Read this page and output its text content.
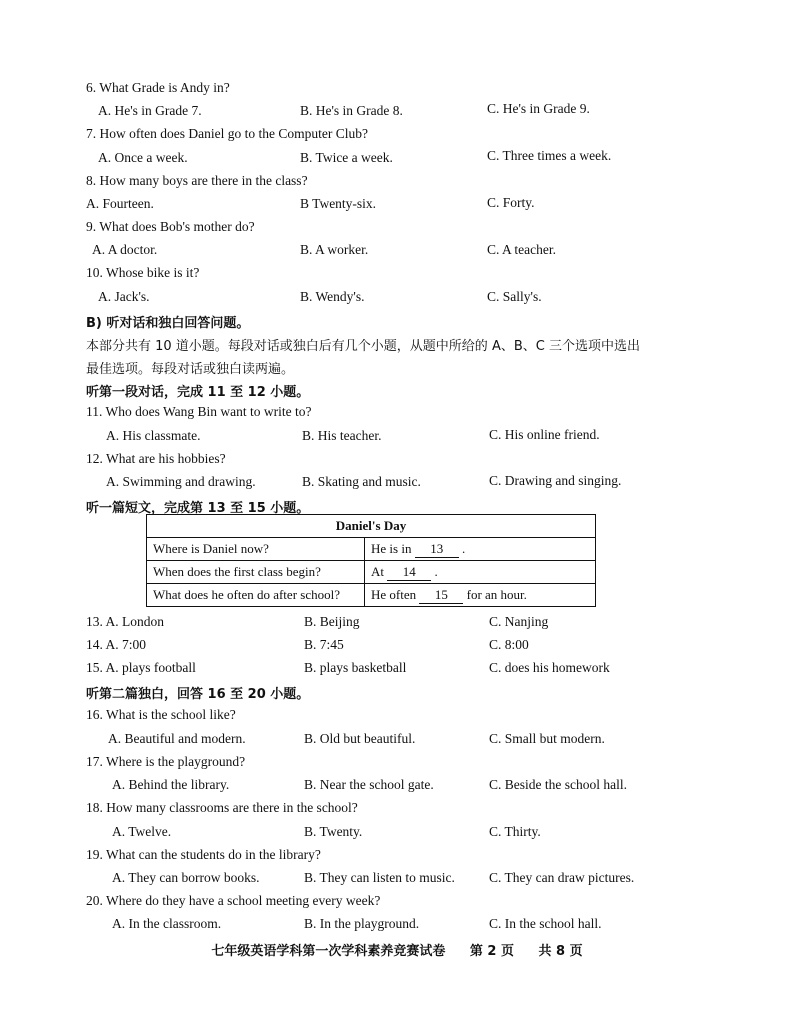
6. What Grade is Andy in?
A. He's in Grade 7.	B. He's in Grade 8.	C. He's in Grade 9.
7. How often does Daniel go to the Computer Club?
A. Once a week.	B. Twice a week.	C. Three times a week.
8. How many boys are there in the class?
A. Fourteen.	B Twenty-six.	C. Forty.
9. What does Bob's mother do?
A. A doctor.	B. A worker.	C. A teacher.
10. Whose bike is it?
A. Jack's.	B. Wendy's.	C. Sally's.
B) 听对话和独白回答问题。
本部分共有 10 道小题。每段对话或独白后有几个小题，从题中所给的 A、B、C 三个选项中选出
最佳选项。每段对话或独白读两遍。
听第一段对话，完成 11 至 12 小题。
11. Who does Wang Bin want to write to?
A. His classmate.	B. His teacher.	C. His online friend.
12. What are his hobbies?
A. Swimming and drawing.	B. Skating and music.	C. Drawing and singing.
听一篇短文，完成第 13 至 15 小题。
Daniel's Day	
Where is Daniel now?	He is in 13 .
When does the first class begin?	At 14 .
What does he often do after school?	He often 15 for an hour.
13. A. London	B. Beijing	C. Nanjing
14. A. 7:00	B. 7:45	C. 8:00
15. A. plays football	B. plays basketball	C. does his homework
听第二篇独白，回答 16 至 20 小题。
16. What is the school like?
A. Beautiful and modern.	B. Old but beautiful.	C. Small but modern.
17. Where is the playground?
A. Behind the library.	B. Near the school gate.	C. Beside the school hall.
18. How many classrooms are there in the school?
A. Twelve.	B. Twenty.	C. Thirty.
19. What can the students do in the library?
A. They can borrow books.	B. They can listen to music.	C. They can draw pictures.
20. Where do they have a school meeting every week?
A. In the classroom.	B. In the playground.	C. In the school hall.
七年级英语学科第一次学科素养竞赛试卷 第 2 页 共 8 页
